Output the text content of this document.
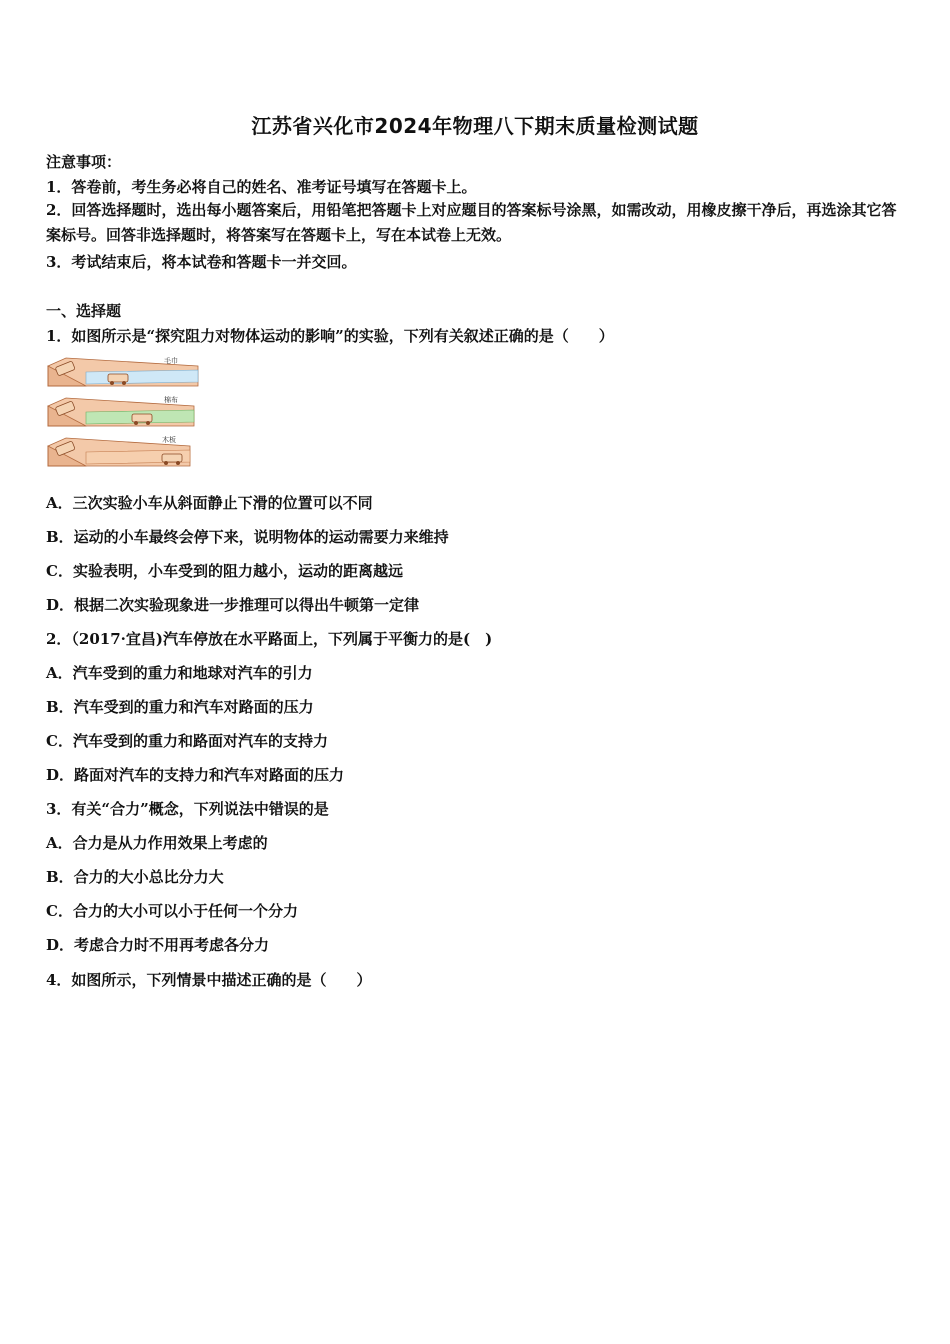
江苏省兴化市2024年物理八下期末质量检测试题
注意事项：
1．答卷前，考生务必将自己的姓名、准考证号填写在答题卡上。
2．回答选择题时，选出每小题答案后，用铅笔把答题卡上对应题目的答案标号涂黑，如需改动，用橡皮擦干净后，再选涂其它答案标号。回答非选择题时，将答案写在答题卡上，写在本试卷上无效。
3．考试结束后，将本试卷和答题卡一并交回。
一、选择题
1．如图所示是“探究阻力对物体运动的影响”的实验，下列有关叙述正确的是（　　）
毛巾
棉布
木板
A．三次实验小车从斜面静止下滑的位置可以不同
B．运动的小车最终会停下来，说明物体的运动需要力来维持
C．实验表明，小车受到的阻力越小，运动的距离越远
D．根据二次实验现象进一步推理可以得出牛顿第一定律
2．（2017·宜昌)汽车停放在水平路面上，下列属于平衡力的是(　)
A．汽车受到的重力和地球对汽车的引力
B．汽车受到的重力和汽车对路面的压力
C．汽车受到的重力和路面对汽车的支持力
D．路面对汽车的支持力和汽车对路面的压力
3．有关“合力”概念，下列说法中错误的是
A．合力是从力作用效果上考虑的
B．合力的大小总比分力大
C．合力的大小可以小于任何一个分力
D．考虑合力时不用再考虑各分力
4．如图所示，下列情景中描述正确的是（　　）
